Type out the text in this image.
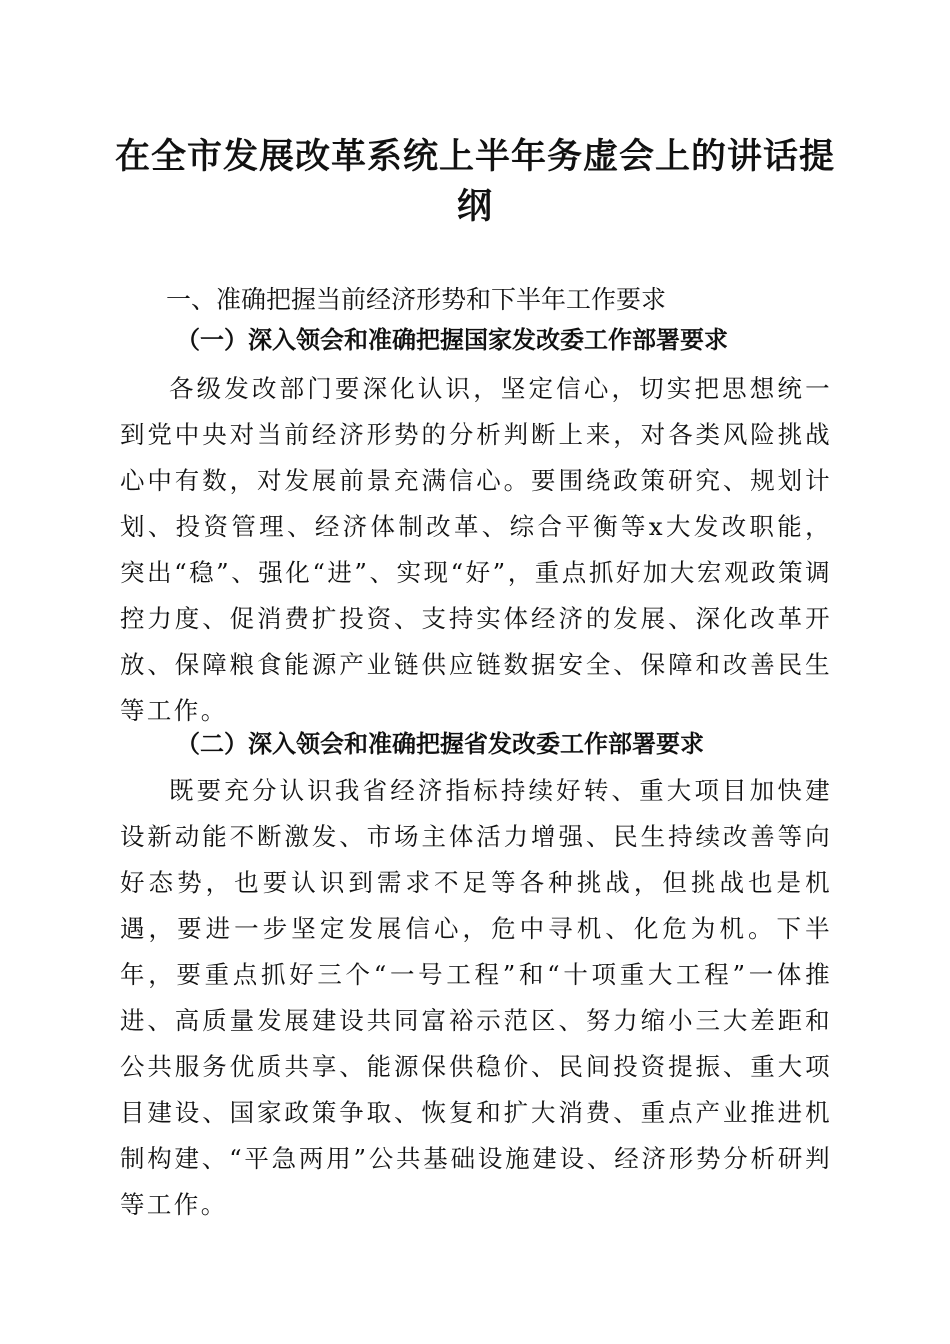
在全市发展改革系统上半年务虚会上的讲话提纲
一、准确把握当前经济形势和下半年工作要求
（一）深入领会和准确把握国家发改委工作部署要求

各级发改部门要深化认识，坚定信心，切实把思想统一到党中央对当前经济形势的分析判断上来，对各类风险挑战心中有数，对发展前景充满信心。要围绕政策研究、规划计划、投资管理、经济体制改革、综合平衡等x大发改职能，突出“稳”、强化“进”、实现“好”，重点抓好加大宏观政策调控力度、促消费扩投资、支持实体经济的发展、深化改革开放、保障粮食能源产业链供应链数据安全、保障和改善民生等工作。

（二）深入领会和准确把握省发改委工作部署要求

既要充分认识我省经济指标持续好转、重大项目加快建设新动能不断激发、市场主体活力增强、民生持续改善等向好态势，也要认识到需求不足等各种挑战，但挑战也是机遇，要进一步坚定发展信心，危中寻机、化危为机。下半年，要重点抓好三个“一号工程”和“十项重大工程”一体推进、高质量发展建设共同富裕示范区、努力缩小三大差距和公共服务优质共享、能源保供稳价、民间投资提振、重大项目建设、国家政策争取、恢复和扩大消费、重点产业推进机制构建、“平急两用”公共基础设施建设、经济形势分析研判等工作。
